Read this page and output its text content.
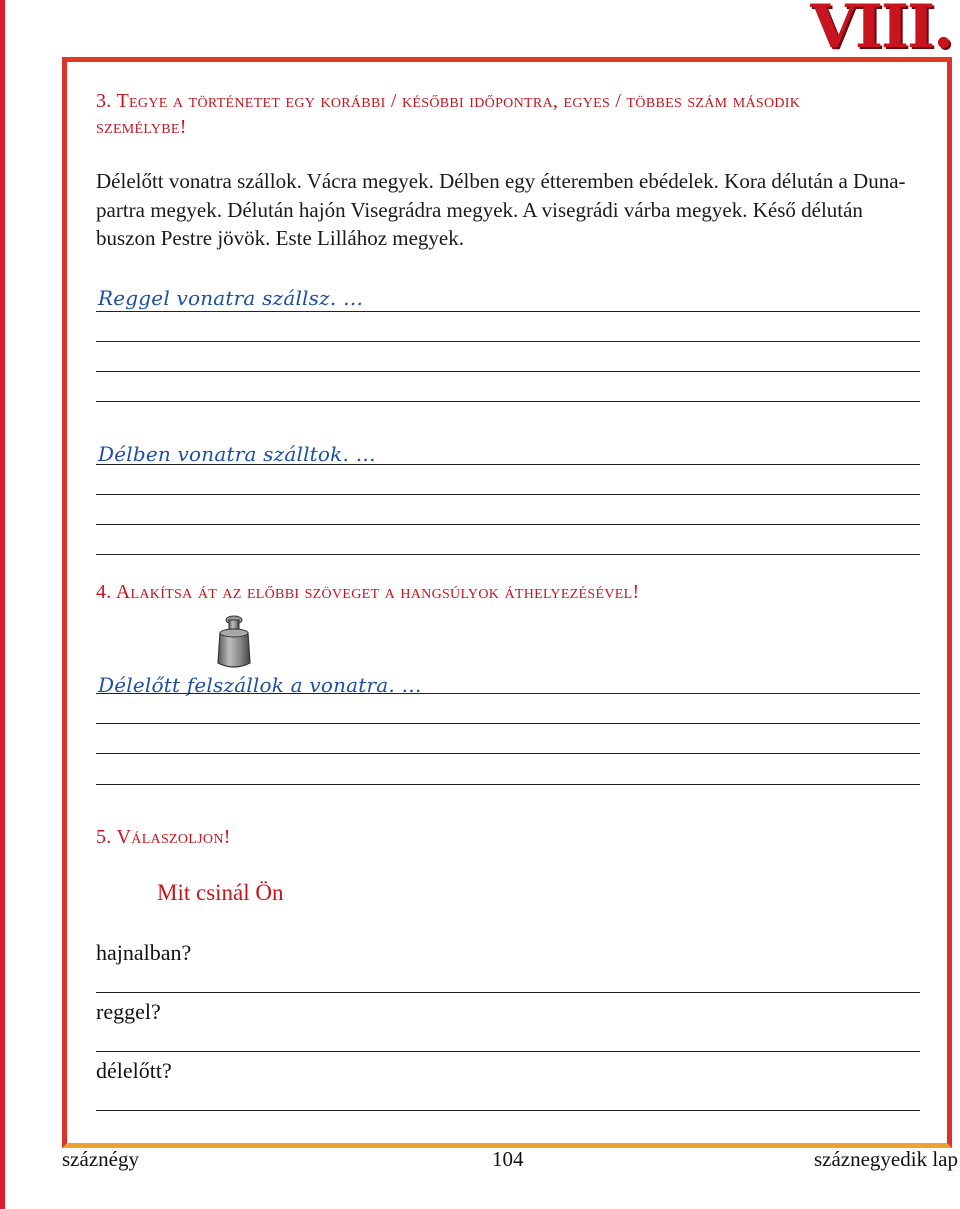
VIII.
3. Tegye a történetet egy korábbi / későbbi időpontra, egyes / többes szám második személybe!
Délelőtt vonatra szállok. Vácra megyek. Délben egy étteremben ebédelek. Kora délután a Duna-partra megyek. Délután hajón Visegrádra megyek. A visegrádi várba megyek. Késő délután buszon Pestre jövök. Este Lillához megyek.
Reggel vonatra szállsz. …
Délben vonatra szálltok. …
4. Alakítsa át az előbbi szöveget a hangsúlyok áthelyezésével!
Délelőtt felszállok a vonatra. …
5. Válaszoljon!
Mit csinál Ön
hajnalban?
reggel?
délelőtt?
száznégy	104	száznegyedik lap
